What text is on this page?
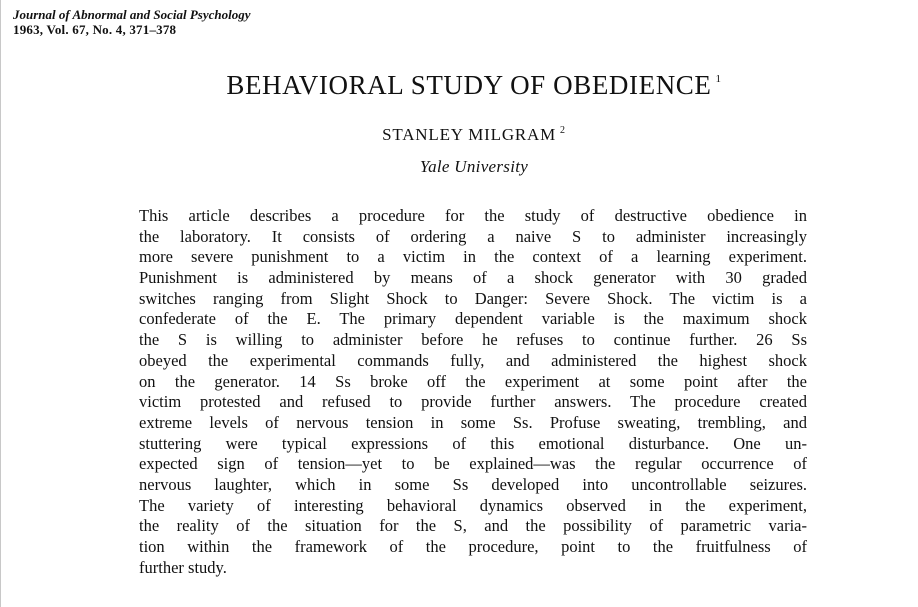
Journal of Abnormal and Social Psychology
1963, Vol. 67, No. 4, 371–378
BEHAVIORAL STUDY OF OBEDIENCE $^1$
STANLEY MILGRAM $^2$
Yale University
This article describes a procedure for the study of destructive obedience in
the laboratory. It consists of ordering a naive S to administer increasingly
more severe punishment to a victim in the context of a learning experiment.
Punishment is administered by means of a shock generator with 30 graded
switches ranging from Slight Shock to Danger: Severe Shock. The victim is a
confederate of the E. The primary dependent variable is the maximum shock
the S is willing to administer before he refuses to continue further. 26 Ss
obeyed the experimental commands fully, and administered the highest shock
on the generator. 14 Ss broke off the experiment at some point after the
victim protested and refused to provide further answers. The procedure created
extreme levels of nervous tension in some Ss. Profuse sweating, trembling, and
stuttering were typical expressions of this emotional disturbance. One un-
expected sign of tension—yet to be explained—was the regular occurrence of
nervous laughter, which in some Ss developed into uncontrollable seizures.
The variety of interesting behavioral dynamics observed in the experiment,
the reality of the situation for the S, and the possibility of parametric varia-
tion within the framework of the procedure, point to the fruitfulness of
further study.
